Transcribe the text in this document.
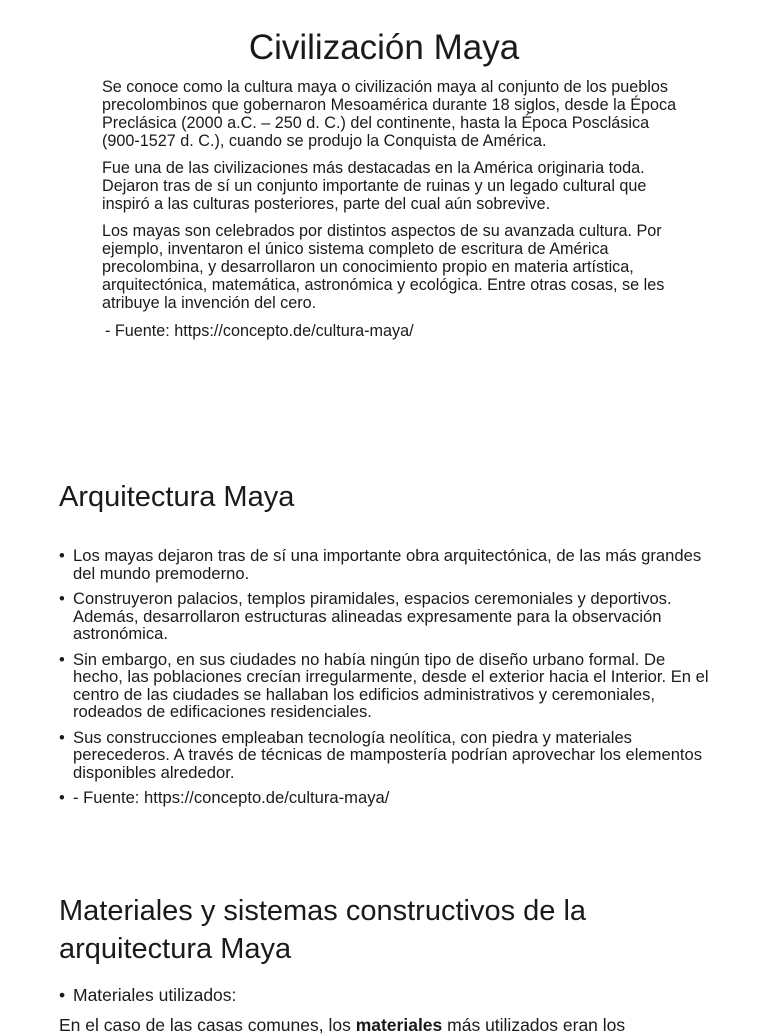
Civilización Maya

Se conoce como la cultura maya o civilización maya al conjunto de los pueblos precolombinos que gobernaron Mesoamérica durante 18 siglos, desde la Época Preclásica (2000 a.C. – 250 d. C.) del continente, hasta la Época Posclásica (900-1527 d. C.), cuando se produjo la Conquista de América.

Fue una de las civilizaciones más destacadas en la América originaria toda. Dejaron tras de sí un conjunto importante de ruinas y un legado cultural que inspiró a las culturas posteriores, parte del cual aún sobrevive.

Los mayas son celebrados por distintos aspectos de su avanzada cultura. Por ejemplo, inventaron el único sistema completo de escritura de América precolombina, y desarrollaron un conocimiento propio en materia artística, arquitectónica, matemática, astronómica y ecológica. Entre otras cosas, se les atribuye la invención del cero.

- Fuente: https://concepto.de/cultura-maya/

Arquitectura Maya
• Los mayas dejaron tras de sí una importante obra arquitectónica, de las más grandes del mundo premoderno.
• Construyeron palacios, templos piramidales, espacios ceremoniales y deportivos. Además, desarrollaron estructuras alineadas expresamente para la observación astronómica.
• Sin embargo, en sus ciudades no había ningún tipo de diseño urbano formal. De hecho, las poblaciones crecían irregularmente, desde el exterior hacia el Interior. En el centro de las ciudades se hallaban los edificios administrativos y ceremoniales, rodeados de edificaciones residenciales.
• Sus construcciones empleaban tecnología neolítica, con piedra y materiales perecederos. A través de técnicas de mampostería podrían aprovechar los elementos disponibles alrededor.
• - Fuente: https://concepto.de/cultura-maya/
Materiales y sistemas constructivos de la arquitectura Maya
• Materiales utilizados:
En el caso de las casas comunes, los materiales más utilizados eran los
